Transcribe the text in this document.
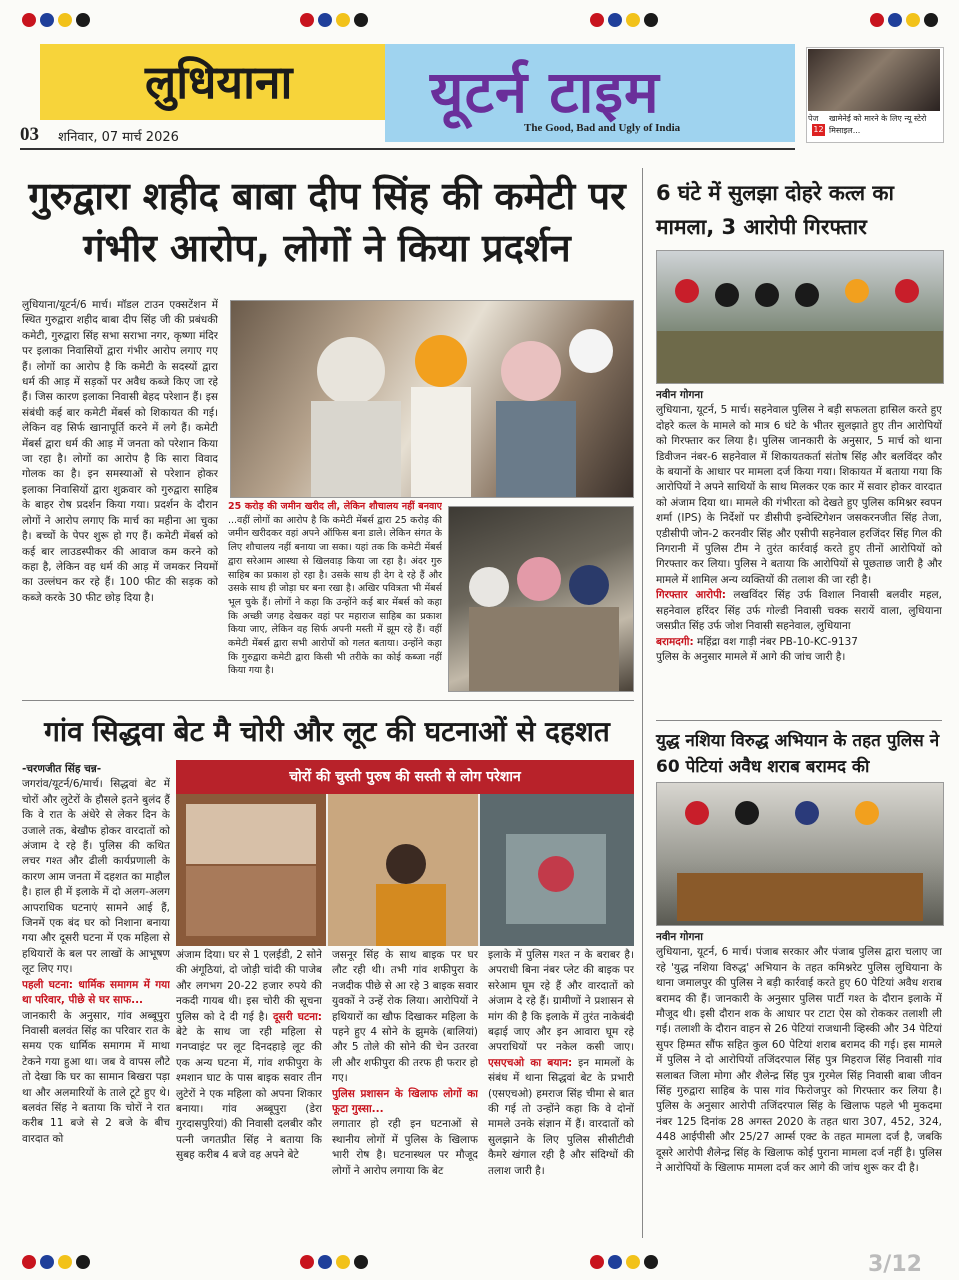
लुधियाना	यूटर्न टाइम
The Good, Bad and Ugly of India
03 शनिवार, 07 मार्च 2026
पेज
12
खामेनेई को मारने के लिए न्यू स्टेरो मिसाइल...
गुरुद्वारा शहीद बाबा दीप सिंह की कमेटी पर गंभीर आरोप, लोगों ने किया प्रदर्शन
लुधियाना/यूटर्न/6 मार्च। मॉडल टाउन एक्सटेंशन में स्थित गुरुद्वारा शहीद बाबा दीप सिंह जी की प्रबंधकी कमेटी, गुरुद्वारा सिंह सभा सराभा नगर, कृष्णा मंदिर पर इलाका निवासियों द्वारा गंभीर आरोप लगाए गए हैं। लोगों का आरोप है कि कमेटी के सदस्यों द्वारा धर्म की आड़ में सड़कों पर अवैध कब्जे किए जा रहे हैं। जिस कारण इलाका निवासी बेहद परेशान हैं। इस संबंधी कई बार कमेटी मेंबर्स को शिकायत की गई। लेकिन वह सिर्फ खानापूर्ति करने में लगे हैं। कमेटी मेंबर्स द्वारा धर्म की आड़ में जनता को परेशान किया जा रहा है। लोगों का आरोप है कि सारा विवाद गोलक का है। इन समस्याओं से परेशान होकर इलाका निवासियों द्वारा शुक्रवार को गुरुद्वारा साहिब के बाहर रोष प्रदर्शन किया गया। प्रदर्शन के दौरान लोगों ने आरोप लगाए कि मार्च का महीना आ चुका है। बच्चों के पेपर शुरू हो गए हैं। कमेटी मेंबर्स को कई बार लाउडस्पीकर की आवाज कम करने को कहा है, लेकिन वह धर्म की आड़ में जमकर नियमों का उल्लंघन कर रहे हैं। 100 फीट की सड़क को कब्जे करके 30 फीट छोड़ दिया है।
25 करोड़ की जमीन खरीद ली, लेकिन शौचालय नहीं बनवाए ...वहीं लोगों का आरोप है कि कमेटी मेंबर्स द्वारा 25 करोड़ की जमीन खरीदकर वहां अपने ऑफिस बना डाले। लेकिन संगत के लिए शौचालय नहीं बनाया जा सका। यहां तक कि कमेटी मेंबर्स द्वारा सरेआम आस्था से खिलवाड़ किया जा रहा है। अंदर गुरु साहिब का प्रकाश हो रहा है। उसके साथ ही देग दे रहे हैं और उसके साथ ही जोड़ा घर बना रखा है। अखिर पवित्रता भी मेंबर्स भूल चुके हैं। लोगों ने कहा कि उन्होंने कई बार मेंबर्स को कहा कि अच्छी जगह देखकर वहां पर महाराज साहिब का प्रकाश किया जाए, लेकिन वह सिर्फ अपनी मस्ती में झूम रहे हैं। वहीं कमेटी मेंबर्स द्वारा सभी आरोपों को गलत बताया। उन्होंने कहा कि गुरुद्वारा कमेटी द्वारा किसी भी तरीके का कोई कब्जा नहीं किया गया है।
गांव सिद्धवा बेट मै चोरी और लूट की घटनाओं से दहशत
-चरणजीत सिंह चन्न-
जगरांव/यूटर्न/6/मार्च। सिद्धवां बेट में चोरों और लुटेरों के हौसले इतने बुलंद हैं कि वे रात के अंधेरे से लेकर दिन के उजाले तक, बेखौफ होकर वारदातों को अंजाम दे रहे हैं। पुलिस की कथित लचर गश्त और ढीली कार्यप्रणाली के कारण आम जनता में दहशत का माहौल है। हाल ही में इलाके में दो अलग-अलग आपराधिक घटनाएं सामने आई हैं, जिनमें एक बंद घर को निशाना बनाया गया और दूसरी घटना में एक महिला से हथियारों के बल पर लाखों के आभूषण लूट लिए गए।
पहली घटना: धार्मिक समागम में गया था परिवार, पीछे से घर साफ...
जानकारी के अनुसार, गांव अब्बूपुरा निवासी बलवंत सिंह का परिवार रात के समय एक धार्मिक समागम में माथा टेकने गया हुआ था। जब वे वापस लौटे तो देखा कि घर का सामान बिखरा पड़ा था और अलमारियों के ताले टूटे हुए थे। बलवंत सिंह ने बताया कि चोरों ने रात करीब 11 बजे से 2 बजे के बीच वारदात को
चोरों की चुस्ती पुरुष की सस्ती से लोग परेशान
अंजाम दिया। घर से 1 एलईडी, 2 सोने की अंगूठियां, दो जोड़ी चांदी की पाजेब और लगभग 20-22 हजार रुपये की नकदी गायब थी। इस चोरी की सूचना पुलिस को दे दी गई है। दूसरी घटना: बेटे के साथ जा रही महिला से गनप्वाइंट पर लूट दिनदहाड़े लूट की एक अन्य घटना में, गांव शफीपुरा के श्मशान घाट के पास बाइक सवार तीन लुटेरों ने एक महिला को अपना शिकार बनाया। गांव अब्बूपुरा (डेरा गुरदासपुरियां) की निवासी दलबीर कौर पत्नी जगतप्रीत सिंह ने बताया कि सुबह करीब 4 बजे वह अपने बेटे
जसनूर सिंह के साथ बाइक पर घर लौट रही थी। तभी गांव शफीपुरा के नजदीक पीछे से आ रहे 3 बाइक सवार युवकों ने उन्हें रोक लिया। आरोपियों ने हथियारों का खौफ दिखाकर महिला के पहने हुए 4 सोने के झुमके (बालियां) और 5 तोले की सोने की चेन उतरवा ली और शफीपुरा की तरफ ही फरार हो गए।
पुलिस प्रशासन के खिलाफ लोगों का फूटा गुस्सा...
लगातार हो रही इन घटनाओं से स्थानीय लोगों में पुलिस के खिलाफ भारी रोष है। घटनास्थल पर मौजूद लोगों ने आरोप लगाया कि बेट
इलाके में पुलिस गश्त न के बराबर है। अपराधी बिना नंबर प्लेट की बाइक पर सरेआम घूम रहे हैं और वारदातों को अंजाम दे रहे हैं। ग्रामीणों ने प्रशासन से मांग की है कि इलाके में तुरंत नाकेबंदी बढ़ाई जाए और इन आवारा घूम रहे अपराधियों पर नकेल कसी जाए। एसएचओ का बयान: इन मामलों के संबंध में थाना सिद्धवां बेट के प्रभारी (एसएचओ) हमराज सिंह चीमा से बात की गई तो उन्होंने कहा कि वे दोनों मामले उनके संज्ञान में हैं। वारदातों को सुलझाने के लिए पुलिस सीसीटीवी कैमरे खंगाल रही है और संदिग्धों की तलाश जारी है।
6 घंटे में सुलझा दोहरे कत्ल का मामला, 3 आरोपी गिरफ्तार
नवीन गोगना
लुधियाना, यूटर्न, 5 मार्च। सहनेवाल पुलिस ने बड़ी सफलता हासिल करते हुए दोहरे कत्ल के मामले को मात्र 6 घंटे के भीतर सुलझाते हुए तीन आरोपियों को गिरफ्तार कर लिया है। पुलिस जानकारी के अनुसार, 5 मार्च को थाना डिवीजन नंबर-6 सहनेवाल में शिकायतकर्ता संतोष सिंह और बलविंदर कौर के बयानों के आधार पर मामला दर्ज किया गया। शिकायत में बताया गया कि आरोपियों ने अपने साथियों के साथ मिलकर एक कार में सवार होकर वारदात को अंजाम दिया था। मामले की गंभीरता को देखते हुए पुलिस कमिश्नर स्वपन शर्मा (IPS) के निर्देशों पर डीसीपी इन्वेस्टिगेशन जसकरनजीत सिंह तेजा, एडीसीपी जोन-2 करनवीर सिंह और एसीपी सहनेवाल हरजिंदर सिंह गिल की निगरानी में पुलिस टीम ने तुरंत कार्रवाई करते हुए तीनों आरोपियों को गिरफ्तार कर लिया। पुलिस ने बताया कि आरोपियों से पूछताछ जारी है और मामले में शामिल अन्य व्यक्तियों की तलाश की जा रही है।
गिरफ्तार आरोपी: लखविंदर सिंह उर्फ विशाल निवासी बलवीर महल, सहनेवाल हरिंदर सिंह उर्फ गोल्डी निवासी चक्क सरायें वाला, लुधियाना जसप्रीत सिंह उर्फ जोश निवासी सहनेवाल, लुधियाना
बरामदगी: महिंद्रा वश गाड़ी नंबर PB-10-KC-9137
पुलिस के अनुसार मामले में आगे की जांच जारी है।
युद्ध नशिया विरुद्ध अभियान के तहत पुलिस ने 60 पेटियां अवैध शराब बरामद की
नवीन गोगना
लुधियाना, यूटर्न, 6 मार्च। पंजाब सरकार और पंजाब पुलिस द्वारा चलाए जा रहे 'युद्ध नशिया विरुद्ध' अभियान के तहत कमिश्नरेट पुलिस लुधियाना के थाना जमालपुर की पुलिस ने बड़ी कार्रवाई करते हुए 60 पेटियां अवैध शराब बरामद की हैं। जानकारी के अनुसार पुलिस पार्टी गश्त के दौरान इलाके में मौजूद थी। इसी दौरान शक के आधार पर टाटा ऐस को रोककर तलाशी ली गई। तलाशी के दौरान वाहन से 26 पेटियां राजधानी व्हिस्की और 34 पेटियां सुपर हिम्मत सौंफ सहित कुल 60 पेटियां शराब बरामद की गई। इस मामले में पुलिस ने दो आरोपियों तजिंदरपाल सिंह पुत्र मिहराज सिंह निवासी गांव सलाबत जिला मोगा और शैलेन्द्र सिंह पुत्र गुरमेल सिंह निवासी बाबा जीवन सिंह गुरुद्वारा साहिब के पास गांव फिरोजपुर को गिरफ्तार कर लिया है। पुलिस के अनुसार आरोपी तजिंदरपाल सिंह के खिलाफ पहले भी मुकदमा नंबर 125 दिनांक 28 अगस्त 2020 के तहत धारा 307, 452, 324, 448 आईपीसी और 25/27 आर्म्स एक्ट के तहत मामला दर्ज है, जबकि दूसरे आरोपी शैलेन्द्र सिंह के खिलाफ कोई पुराना मामला दर्ज नहीं है। पुलिस ने आरोपियों के खिलाफ मामला दर्ज कर आगे की जांच शुरू कर दी है।
3/12
